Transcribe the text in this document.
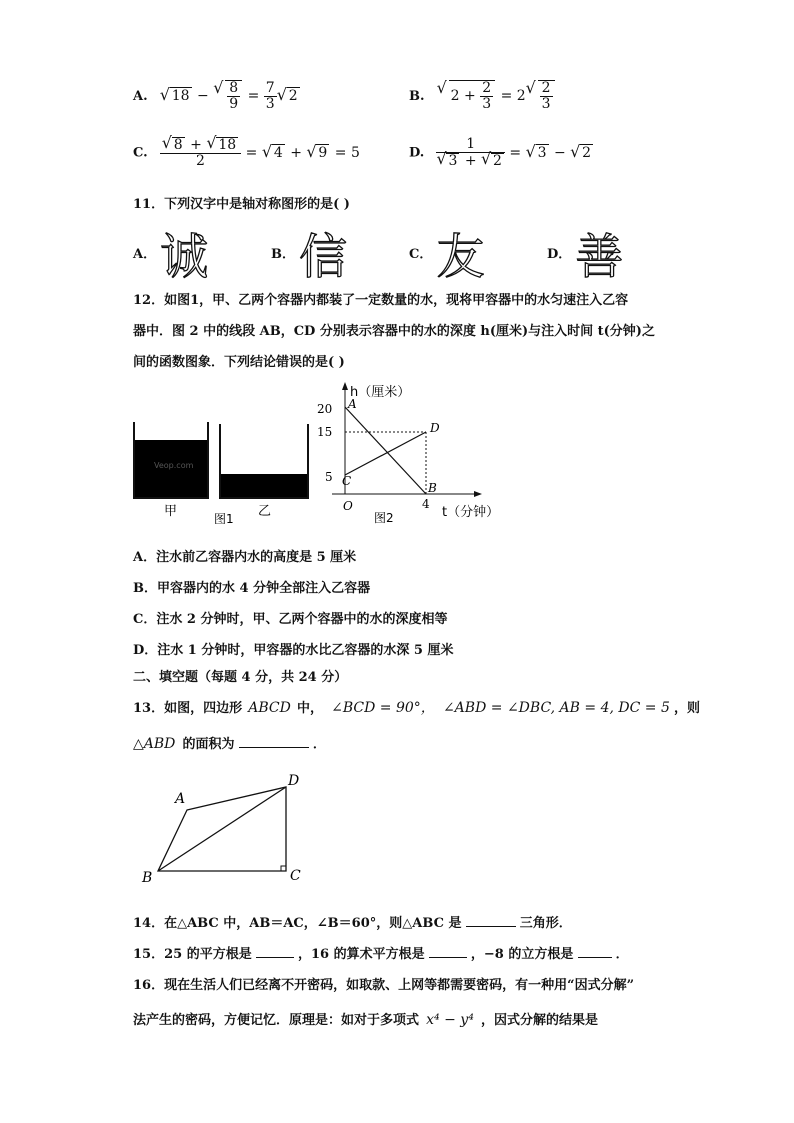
A. √ 18 − √ $\frac{8}{9} = \frac{7}{3}$ √ 2	B. √ $2 + \frac{2}{3} = 2$ √ $\frac{2}{3}$
C. √ $\frac{8 + √ 18}{2}$ = √ 4 + √ 9 = 5	D. 1
√ 3 + √ 2 = √ 3 − √ 2
11．下列汉字中是轴对称图形的是( )
A． 诚	B． 信	C． 友	D． 善
12．如图1，甲、乙两个容器内都装了一定数量的水，现将甲容器中的水匀速注入乙容
器中．图 2 中的线段 AB，CD 分别表示容器中的水的深度 h(厘米)与注入时间 t(分钟)之
间的函数图象．下列结论错误的是( )
Veop.com
甲	乙
图1
h（厘米）
20
15
5
A
B
C
D
O	4
t（分钟）
图2
A．注水前乙容器内水的高度是 5 厘米
B．甲容器内的水 4 分钟全部注入乙容器
C．注水 2 分钟时，甲、乙两个容器中的水的深度相等
D．注水 1 分钟时，甲容器的水比乙容器的水深 5 厘米
二、填空题（每题 4 分，共 24 分）
13．如图，四边形 ABCD 中， ∠BCD = 90°， ∠ABD = ∠DBC, AB = 4, DC = 5 ，则
△ABD 的面积为	．
A
B	C
D
14．在△ABC 中，AB＝AC，∠B＝60°，则△ABC 是	三角形．
15．25 的平方根是	，16 的算术平方根是	，−8 的立方根是	．
16．现在生活人们已经离不开密码，如取款、上网等都需要密码，有一种用“因式分解”
法产生的密码，方便记忆．原理是：如对于多项式 x⁴ − y⁴ ，因式分解的结果是
